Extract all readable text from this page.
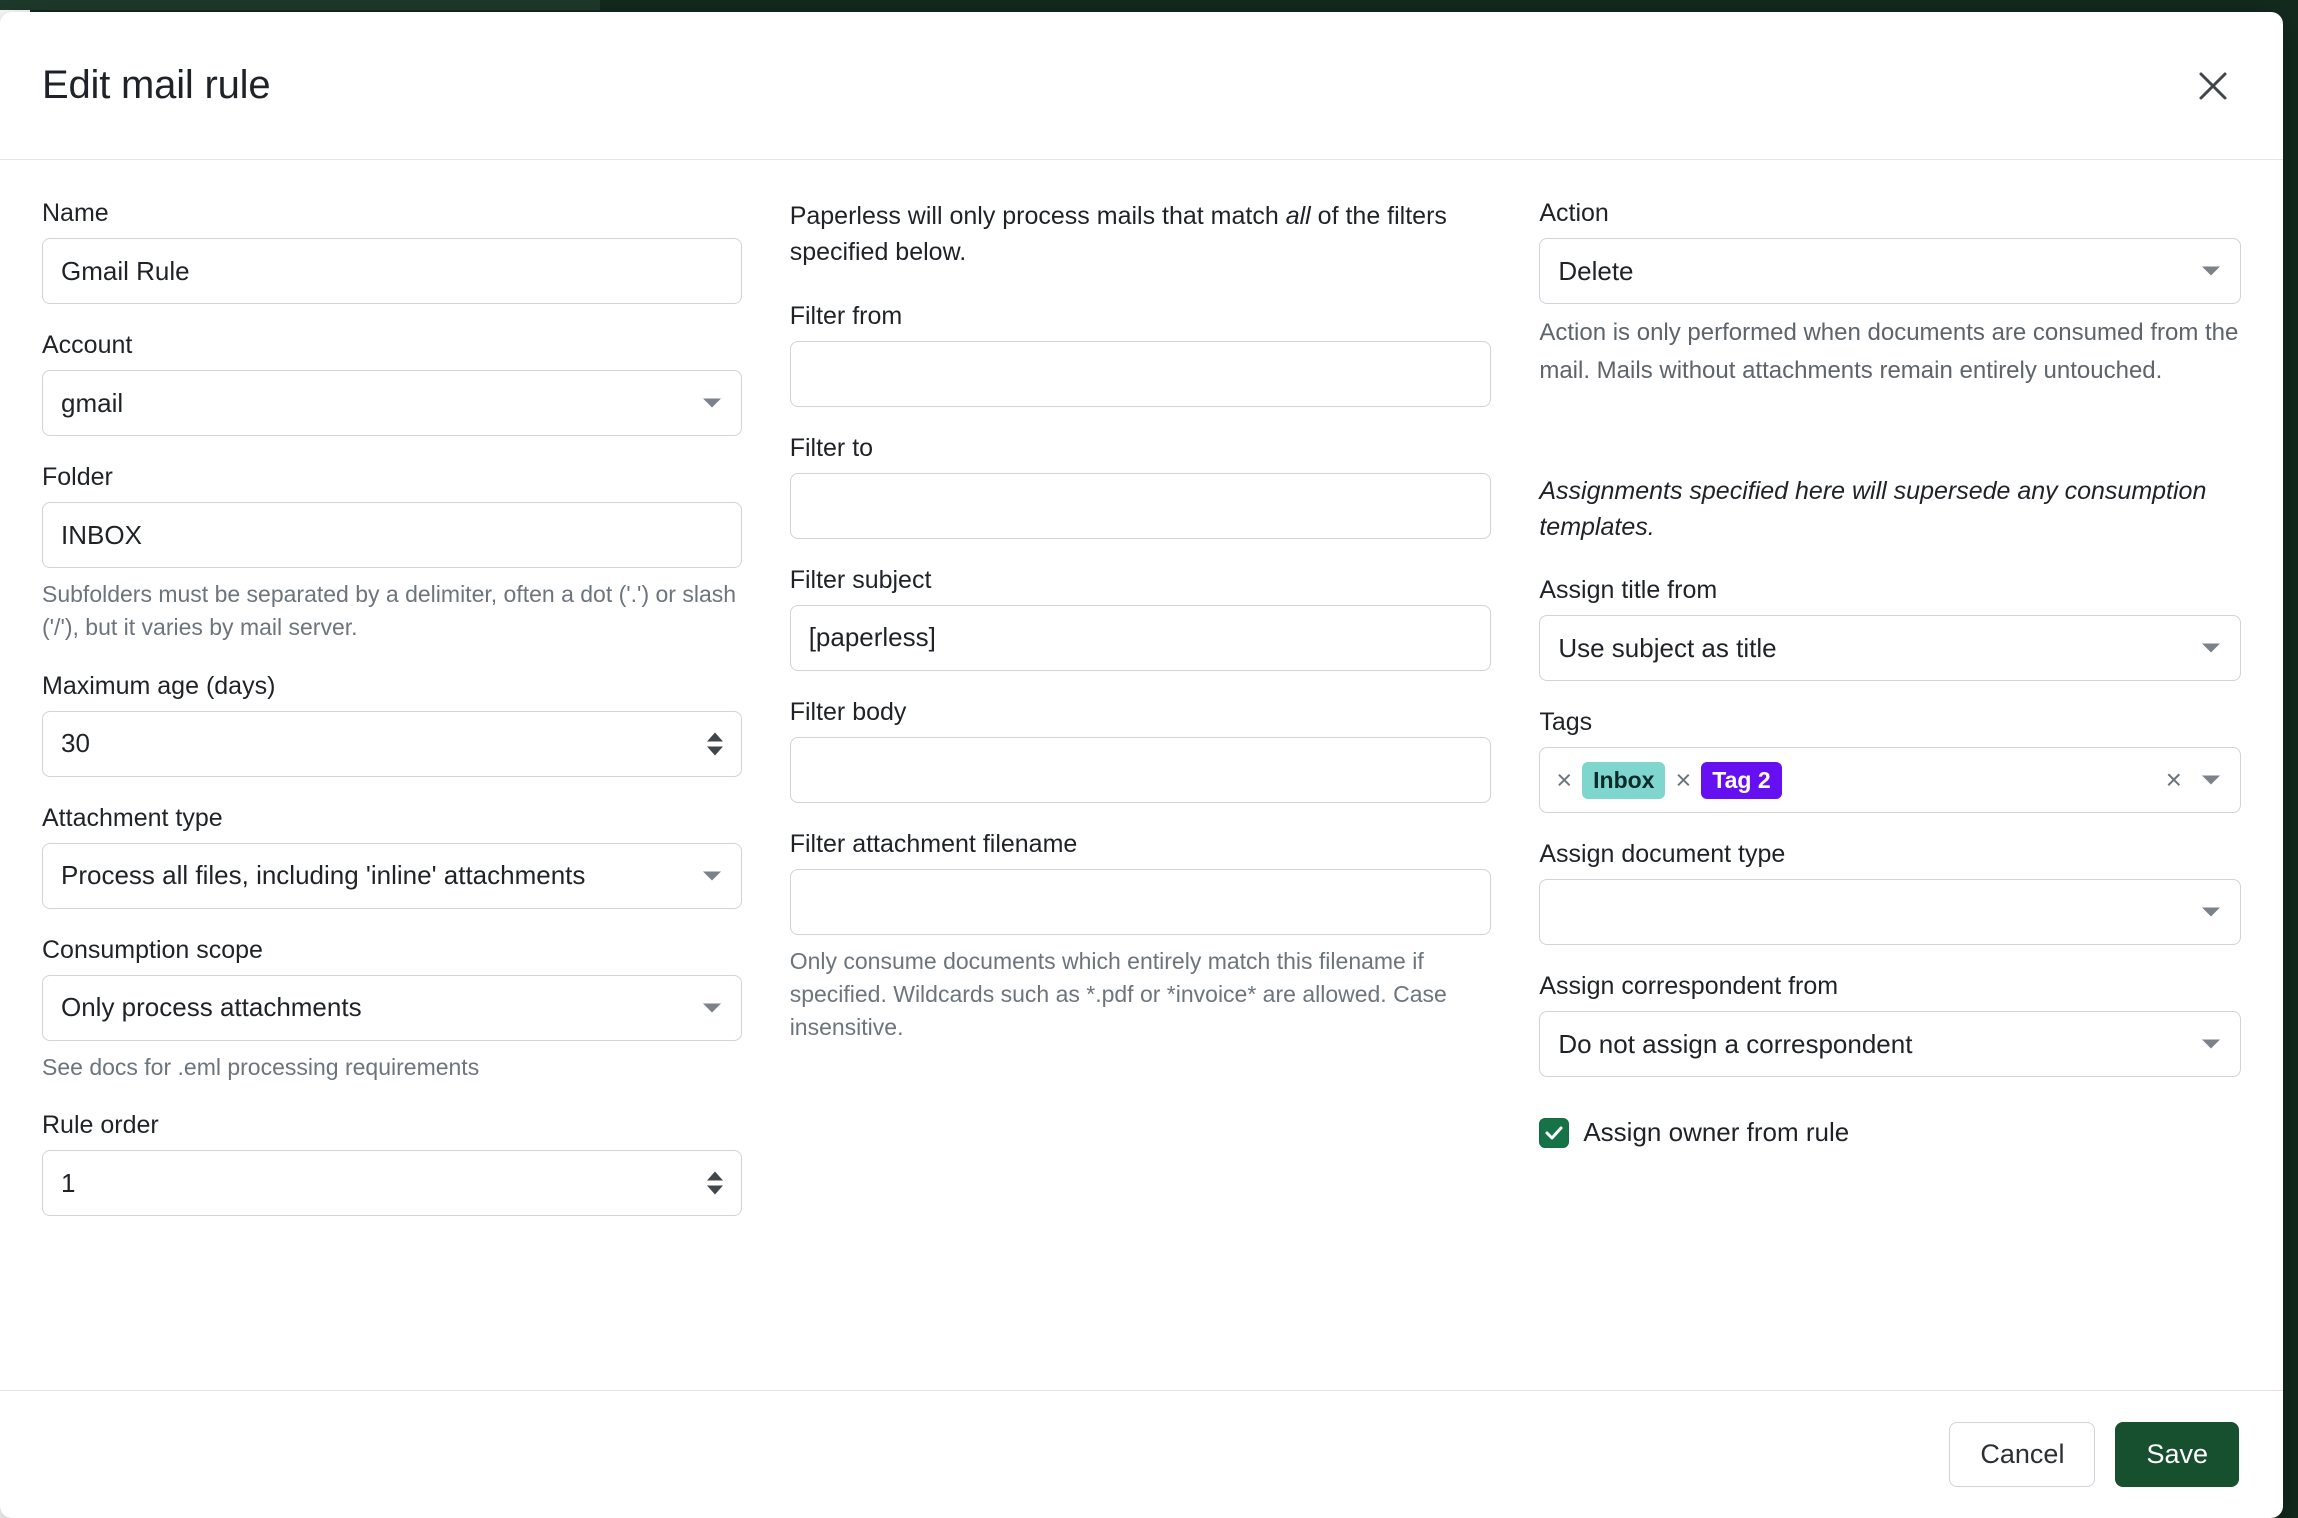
Edit mail rule
Name
Gmail Rule
Account
gmail
Folder
INBOX
Subfolders must be separated by a delimiter, often a dot ('.') or slash ('/'), but it varies by mail server.
Maximum age (days)
30
Attachment type
Process all files, including 'inline' attachments
Consumption scope
Only process attachments
See docs for .eml processing requirements
Rule order
1
Paperless will only process mails that match all of the filters specified below.
Filter from
Filter to
Filter subject
[paperless]
Filter body
Filter attachment filename
Only consume documents which entirely match this filename if specified. Wildcards such as *.pdf or *invoice* are allowed. Case insensitive.
Action
Delete
Action is only performed when documents are consumed from the mail. Mails without attachments remain entirely untouched.
Assignments specified here will supersede any consumption templates.
Assign title from
Use subject as title
Tags
× Inbox × Tag 2	×
Assign document type
Assign correspondent from
Do not assign a correspondent
Assign owner from rule
Cancel	Save
